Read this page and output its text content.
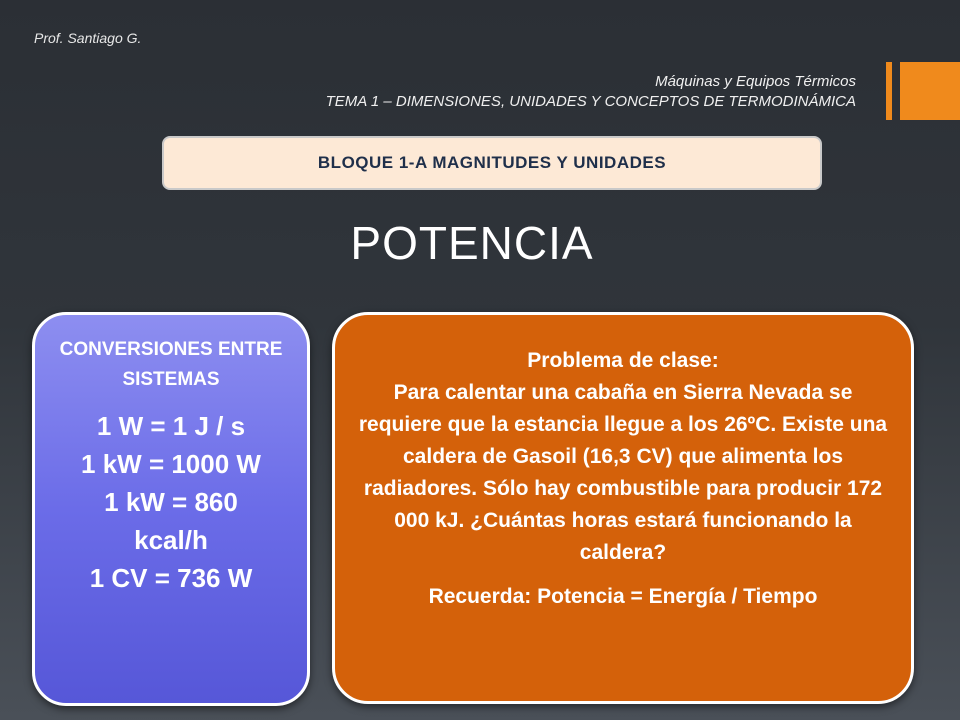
Prof. Santiago G.
Máquinas y Equipos Térmicos
TEMA 1 – DIMENSIONES, UNIDADES Y CONCEPTOS DE TERMODINÁMICA
BLOQUE 1-A MAGNITUDES Y UNIDADES
POTENCIA
CONVERSIONES ENTRE SISTEMAS
1 W = 1 J / s
1 kW = 1000 W
1 kW = 860 kcal/h
1 CV = 736 W
Problema de clase:
Para calentar una cabaña en Sierra Nevada se requiere que la estancia llegue a los 26ºC. Existe una caldera de Gasoil (16,3 CV) que alimenta los radiadores. Sólo hay combustible para producir 172 000 kJ. ¿Cuántas horas estará funcionando la caldera?
Recuerda: Potencia = Energía / Tiempo
